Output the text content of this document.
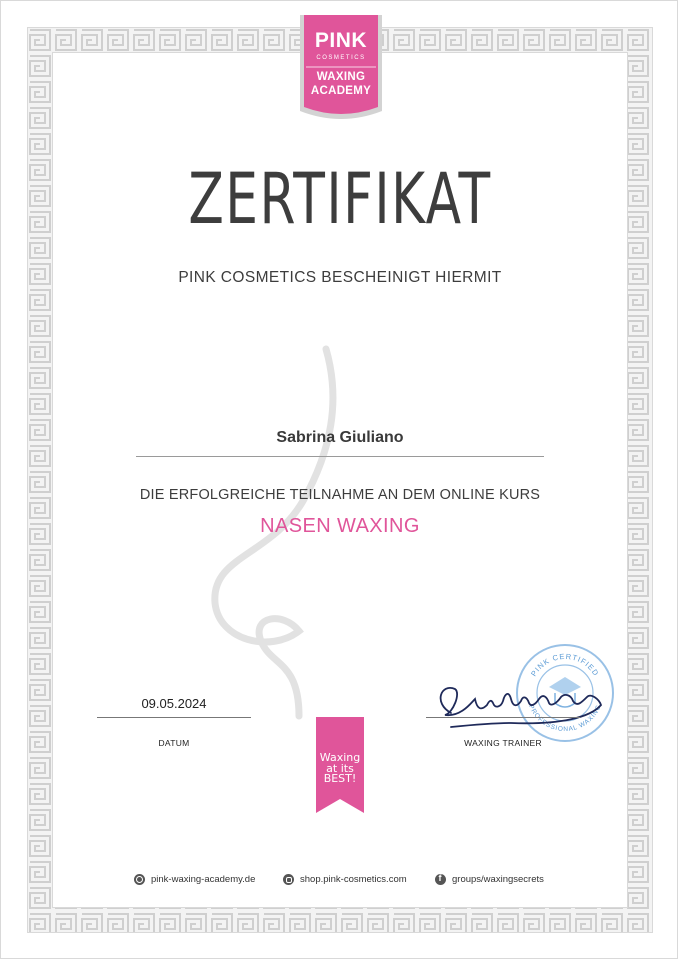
PINK
COSMETICS
WAXING
ACADEMY
ZERTIFIKAT
PINK COSMETICS BESCHEINIGT HIERMIT
Sabrina Giuliano
DIE ERFOLGREICHE TEILNAHME AN DEM ONLINE KURS
NASEN WAXING
09.05.2024
DATUM
PINK CERTIFIED
PROFESSIONAL WAXING
WAXING TRAINER
Waxing
at its
BEST!
pink-waxing-academy.de	shop.pink-cosmetics.com
f	groups/waxingsecrets
